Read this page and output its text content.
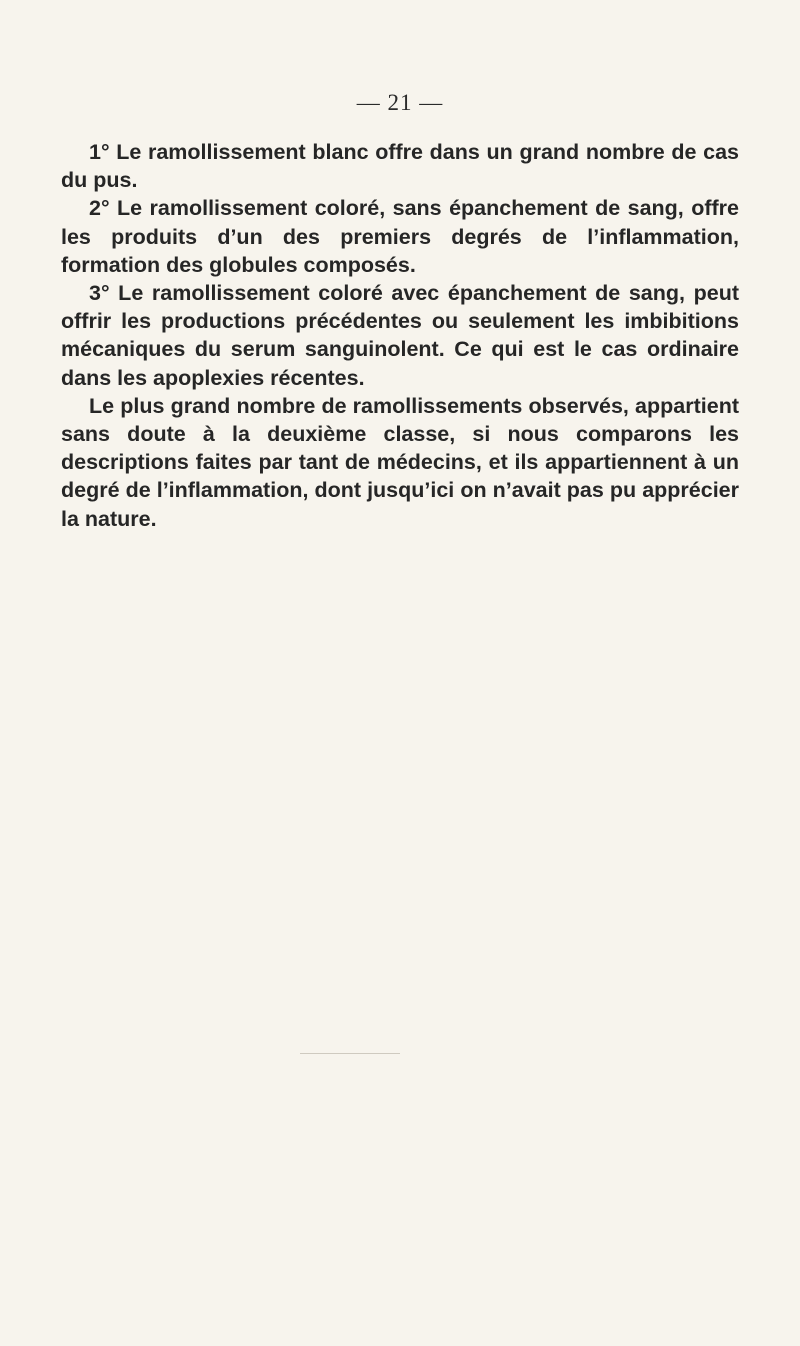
— 21 —

1° Le ramollissement blanc offre dans un grand nombre de cas du pus.

2° Le ramollissement coloré, sans épanchement de sang, offre les produits d’un des premiers degrés de l’inflammation, formation des globules composés.

3° Le ramollissement coloré avec épanchement de sang, peut offrir les productions précédentes ou seulement les imbibitions mécaniques du serum sanguinolent. Ce qui est le cas ordinaire dans les apoplexies récentes.

Le plus grand nombre de ramollissements observés, appartient sans doute à la deuxième classe, si nous comparons les descriptions faites par tant de médecins, et ils appartiennent à un degré de l’inflammation, dont jusqu’ici on n’avait pas pu apprécier la nature.
